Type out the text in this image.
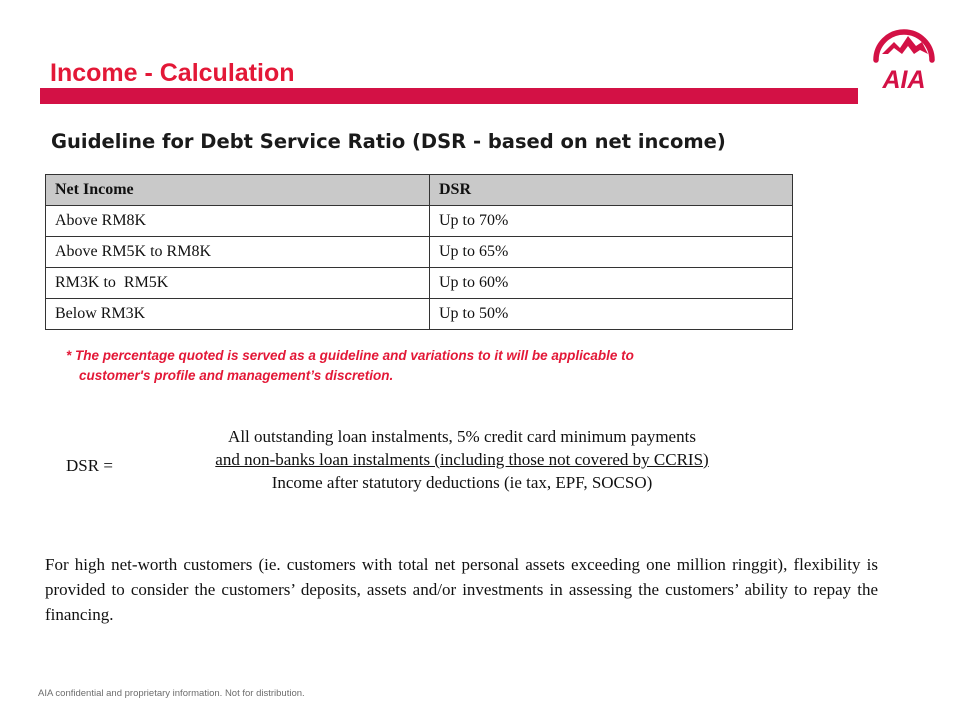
Income - Calculation	AIA
Guideline for Debt Service Ratio (DSR - based on net income)
Net Income	DSR
Above RM8K	Up to 70%
Above RM5K to RM8K	Up to 65%
RM3K to  RM5K	Up to 60%
Below RM3K	Up to 50%

* The percentage quoted is served as a guideline and variations to it will be applicable to
customer's profile and management’s discretion.

DSR =
All outstanding loan instalments, 5% credit card minimum payments
and non-banks loan instalments (including those not covered by CCRIS)
Income after statutory deductions (ie tax, EPF, SOCSO)

For high net-worth customers (ie. customers with total net personal assets exceeding one million ringgit), flexibility is provided to consider the customers’ deposits, assets and/or investments in assessing the customers’ ability to repay the financing.

AIA confidential and proprietary information. Not for distribution.
